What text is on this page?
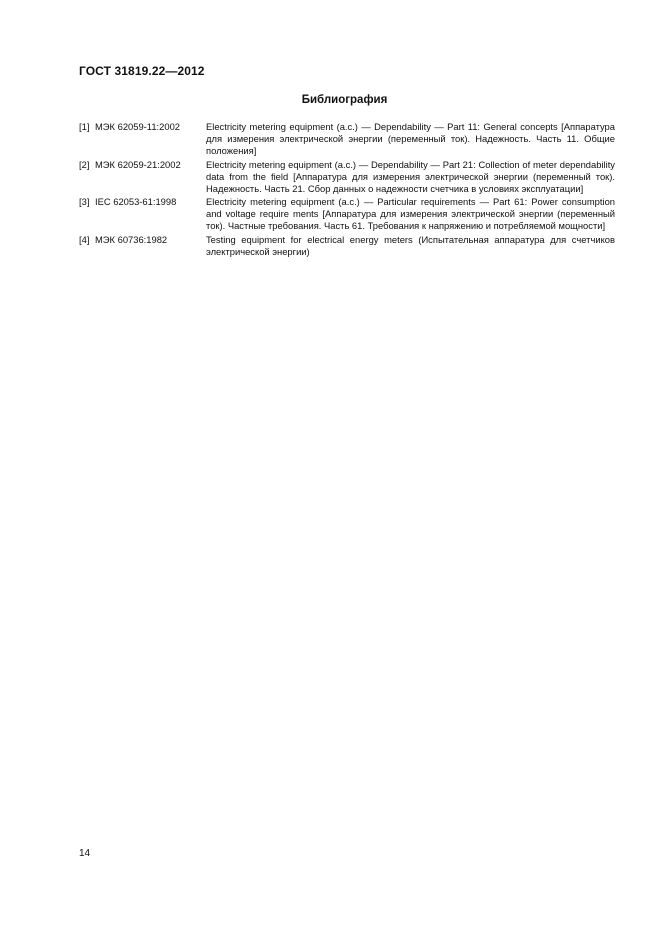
ГОСТ 31819.22—2012
Библиография
[1] МЭК 62059-11:2002	Electricity metering equipment (a.c.) — Dependability — Part 11: General concepts [Аппаратура для измерения электрической энергии (переменный ток). Надежность. Часть 11. Общие положения]
[2] МЭК 62059-21:2002	Electricity metering equipment (a.c.) — Dependability — Part 21: Collection of meter dependability data from the field [Аппаратура для измерения электрической энергии (переменный ток). Надежность. Часть 21. Сбор данных о надежности счетчика в условиях эксплуатации]
[3] IEC 62053-61:1998	Electricity metering equipment (a.c.) — Particular requirements — Part 61: Power consumption and voltage require ments [Аппаратура для измерения электрической энергии (переменный ток). Частные требования. Часть 61. Требования к напряжению и потребляемой мощности]
[4] МЭК 60736:1982	Testing equipment for electrical energy meters (Испытательная аппаратура для счетчиков электрической энергии)
14
